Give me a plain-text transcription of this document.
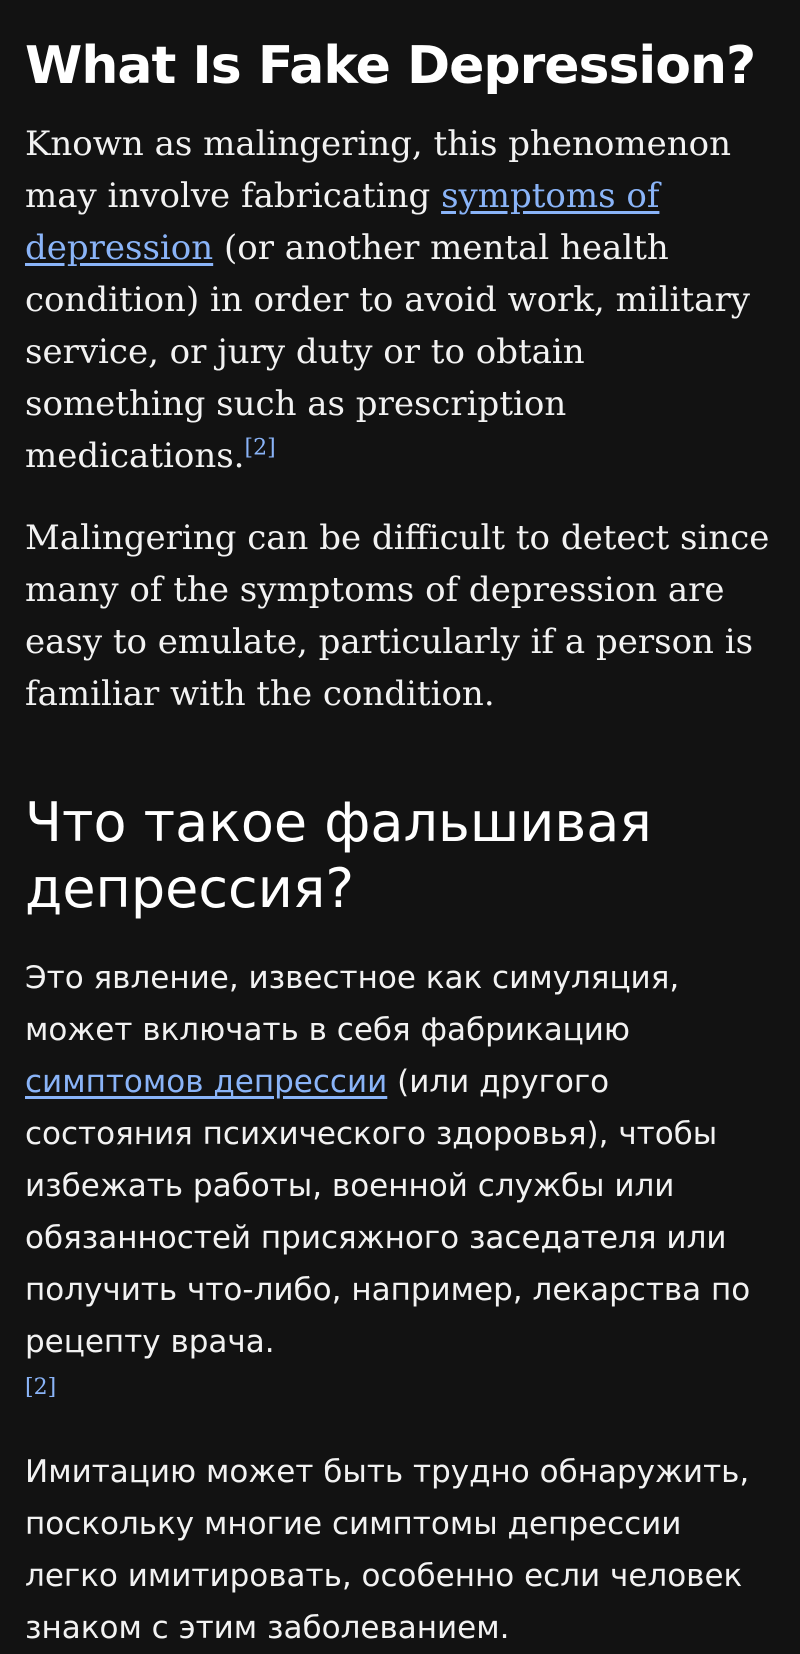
What Is Fake Depression?

Known as malingering, this phenomenon may involve fabricating symptoms of depression (or another mental health condition) in order to avoid work, military service, or jury duty or to obtain something such as prescription medications.[2]

Malingering can be difficult to detect since many of the symptoms of depression are easy to emulate, particularly if a person is familiar with the condition.

Что такое фальшивая депрессия?

Это явление, известное как симуляция, может включать в себя фабрикацию симптомов депрессии (или другого состояния психического здоровья), чтобы избежать работы, военной службы или обязанностей присяжного заседателя или получить что-либо, например, лекарства по рецепту врача.
[2]

Имитацию может быть трудно обнаружить, поскольку многие симптомы депрессии легко имитировать, особенно если человек знаком с этим заболеванием.
